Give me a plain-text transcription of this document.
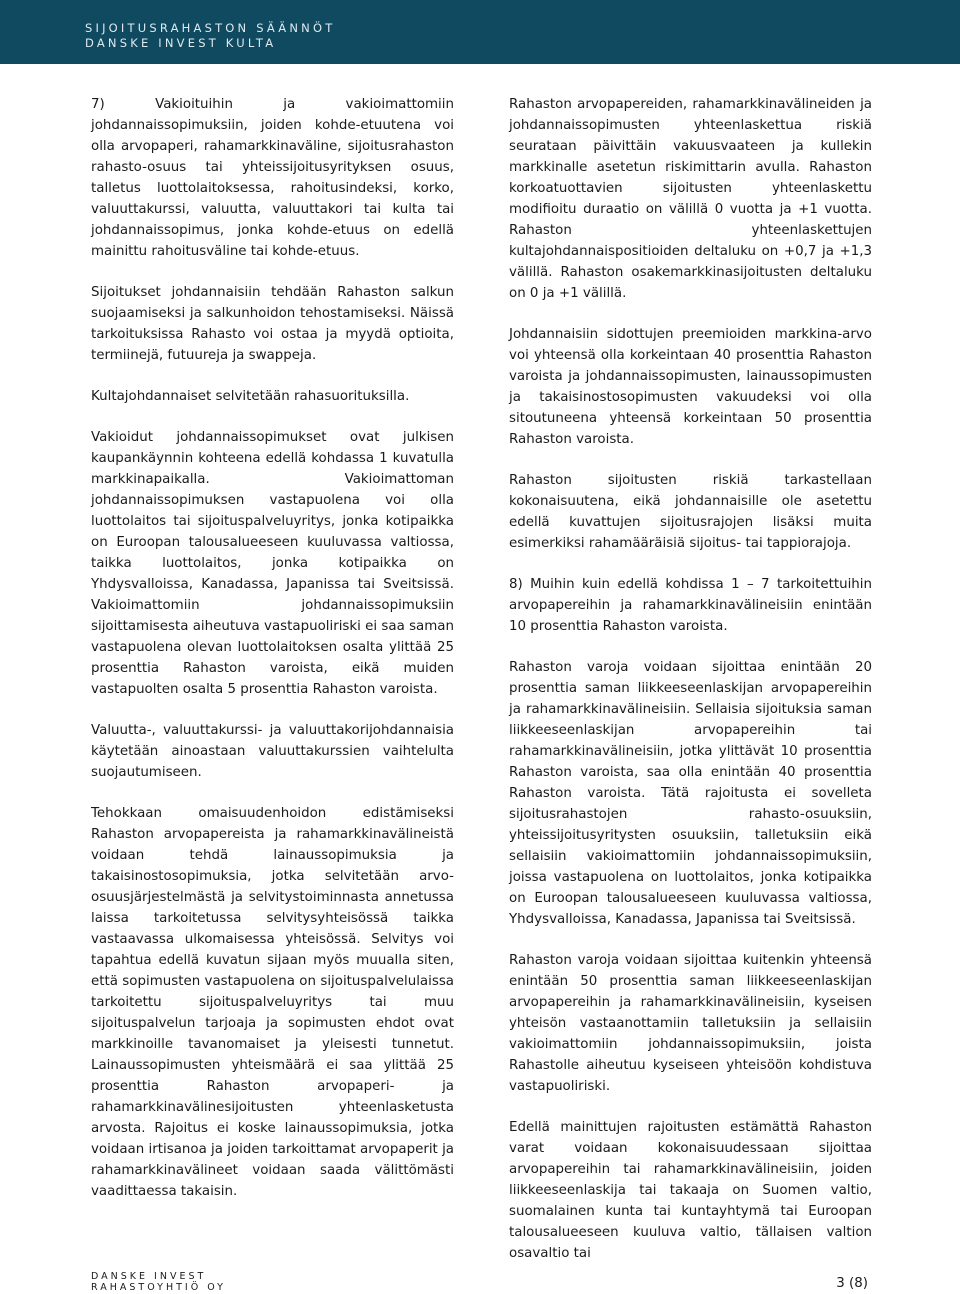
SIJOITUSRAHASTON SÄÄNNÖT

DANSKE INVEST KULTA

7) Vakioituihin ja vakioimattomiin johdannaissopimuksiin, joiden kohde-etuutena voi olla arvopaperi, rahamarkkinaväline, sijoitusrahaston rahasto-osuus tai yhteissijoitusyrityksen osuus, talletus luottolaitoksessa, rahoitusindeksi, korko, valuuttakurssi, valuutta, valuuttakori tai kulta tai johdannaissopimus, jonka kohde-etuus on edellä mainittu rahoitusväline tai kohde-etuus.

Sijoitukset johdannaisiin tehdään Rahaston salkun suojaamiseksi ja salkunhoidon tehostamiseksi. Näissä tarkoituksissa Rahasto voi ostaa ja myydä optioita, termiinejä, futuureja ja swappeja.

Kultajohdannaiset selvitetään rahasuorituksilla.

Vakioidut johdannaissopimukset ovat julkisen kaupankäynnin kohteena edellä kohdassa 1 kuvatulla markkinapaikalla. Vakioimattoman johdannaissopimuksen vastapuolena voi olla luottolaitos tai sijoituspalveluyritys, jonka kotipaikka on Euroopan talousalueeseen kuuluvassa valtiossa, taikka luottolaitos, jonka kotipaikka on Yhdysvalloissa, Kanadassa, Japanissa tai Sveitsissä. Vakioimattomiin johdannaissopimuksiin sijoittamisesta aiheutuva vastapuoliriski ei saa saman vastapuolena olevan luottolaitoksen osalta ylittää 25 prosenttia Rahaston varoista, eikä muiden vastapuolten osalta 5 prosenttia Rahaston varoista.

Valuutta-, valuuttakurssi- ja valuuttakorijohdannaisia käytetään ainoastaan valuuttakurssien vaihtelulta suojautumiseen.

Tehokkaan omaisuudenhoidon edistämiseksi Rahaston arvopapereista ja rahamarkkinavälineistä voidaan tehdä lainaussopimuksia ja takaisinostosopimuksia, jotka selvitetään arvo-osuusjärjestelmästä ja selvitystoiminnasta annetussa laissa tarkoitetussa selvitysyhteisössä taikka vastaavassa ulkomaisessa yhteisössä. Selvitys voi tapahtua edellä kuvatun sijaan myös muualla siten, että sopimusten vastapuolena on sijoituspalvelulaissa tarkoitettu sijoituspalveluyritys tai muu sijoituspalvelun tarjoaja ja sopimusten ehdot ovat markkinoille tavanomaiset ja yleisesti tunnetut. Lainaussopimusten yhteismäärä ei saa ylittää 25 prosenttia Rahaston arvopaperi- ja rahamarkkinavälinesijoitusten yhteenlasketusta arvosta. Rajoitus ei koske lainaussopimuksia, jotka voidaan irtisanoa ja joiden tarkoittamat arvopaperit ja rahamarkkinavälineet voidaan saada välittömästi vaadittaessa takaisin.

Rahaston arvopapereiden, rahamarkkinavälineiden ja johdannaissopimusten yhteenlaskettua riskiä seurataan päivittäin vakuusvaateen ja kullekin markkinalle asetetun riskimittarin avulla. Rahaston korkoatuottavien sijoitusten yhteenlaskettu modifioitu duraatio on välillä 0 vuotta ja +1 vuotta. Rahaston yhteenlaskettujen kultajohdannaispositioiden deltaluku on +0,7 ja +1,3 välillä. Rahaston osakemarkkinasijoitusten deltaluku on 0 ja +1 välillä.

Johdannaisiin sidottujen preemioiden markkina-arvo voi yhteensä olla korkeintaan 40 prosenttia Rahaston varoista ja johdannaissopimusten, lainaussopimusten ja takaisinostosopimusten vakuudeksi voi olla sitoutuneena yhteensä korkeintaan 50 prosenttia Rahaston varoista.

Rahaston sijoitusten riskiä tarkastellaan kokonaisuutena, eikä johdannaisille ole asetettu edellä kuvattujen sijoitusrajojen lisäksi muita esimerkiksi rahamääräisiä sijoitus- tai tappiorajoja.

8) Muihin kuin edellä kohdissa 1 – 7 tarkoitettuihin arvopapereihin ja rahamarkkinavälineisiin enintään 10 prosenttia Rahaston varoista.

Rahaston varoja voidaan sijoittaa enintään 20 prosenttia saman liikkeeseenlaskijan arvopapereihin ja rahamarkkinavälineisiin. Sellaisia sijoituksia saman liikkeeseenlaskijan arvopapereihin tai rahamarkkinavälineisiin, jotka ylittävät 10 prosenttia Rahaston varoista, saa olla enintään 40 prosenttia Rahaston varoista. Tätä rajoitusta ei sovelleta sijoitusrahastojen rahasto-osuuksiin, yhteissijoitusyritysten osuuksiin, talletuksiin eikä sellaisiin vakioimattomiin johdannaissopimuksiin, joissa vastapuolena on luottolaitos, jonka kotipaikka on Euroopan talousalueeseen kuuluvassa valtiossa, Yhdysvalloissa, Kanadassa, Japanissa tai Sveitsissä.

Rahaston varoja voidaan sijoittaa kuitenkin yhteensä enintään 50 prosenttia saman liikkeeseenlaskijan arvopapereihin ja rahamarkkinavälineisiin, kyseisen yhteisön vastaanottamiin talletuksiin ja sellaisiin vakioimattomiin johdannaissopimuksiin, joista Rahastolle aiheutuu kyseiseen yhteisöön kohdistuva vastapuoliriski.

Edellä mainittujen rajoitusten estämättä Rahaston varat voidaan kokonaisuudessaan sijoittaa arvopapereihin tai rahamarkkinavälineisiin, joiden liikkeeseenlaskija tai takaaja on Suomen valtio, suomalainen kunta tai kuntayhtymä tai Euroopan talousalueeseen kuuluva valtio, tällaisen valtion osavaltio tai

DANSKE INVEST

RAHASTOYHTIÖ OY	3 (8)
